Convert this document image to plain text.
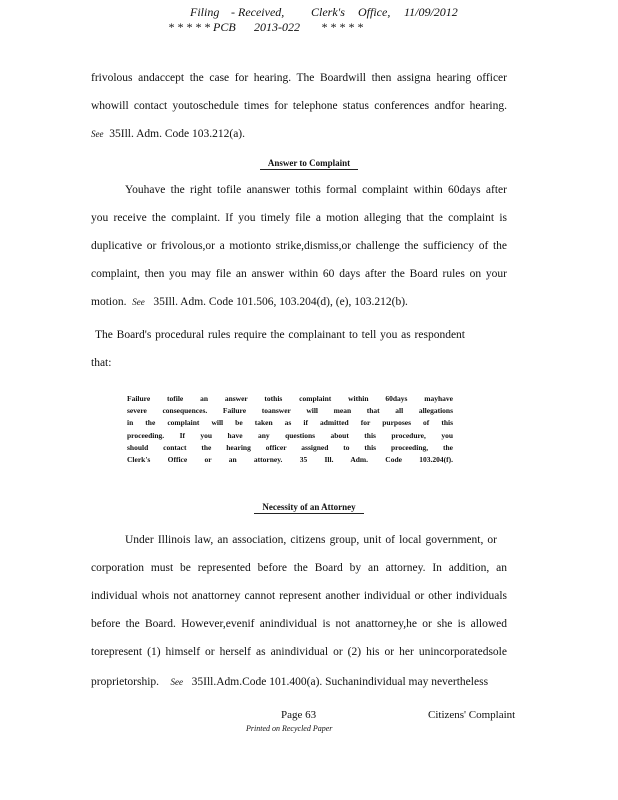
Filing - Received, Clerk's Office, 11/09/2012
* * * * * PCB 2013-022 * * * * *
frivolous andaccept the case for hearing. The Boardwill then assigna hearing officer
whowill contact youtoschedule times for telephone status conferences andfor hearing.
See 35Ill. Adm. Code 103.212(a).
Answer to Complaint
Youhave the right tofile ananswer tothis formal complaint within 60days after
you receive the complaint. If you timely file a motion alleging that the complaint is
duplicative or frivolous,or a motionto strike,dismiss,or challenge the sufficiency of the
complaint, then you may file an answer within 60 days after the Board rules on your
motion. See 35Ill. Adm. Code 101.506, 103.204(d), (e), 103.212(b).
The Board's procedural rules require the complainant to tell you as respondent
that:
Failure tofile an answer tothis complaint within 60days mayhave
severe consequences. Failure toanswer will mean that all allegations
in the complaint will be taken as if admitted for purposes of this
proceeding. If you have any questions about this procedure, you
should contact the hearing officer assigned to this proceeding, the
Clerk's Office or an attorney. 35 Ill. Adm. Code 103.204(f).
Necessity of an Attorney
Under Illinois law, an association, citizens group, unit of local government, or
corporation must be represented before the Board by an attorney. In addition, an
individual whois not anattorney cannot represent another individual or other individuals
before the Board. However,evenif anindividual is not anattorney,he or she is allowed
torepresent (1) himself or herself as anindividual or (2) his or her unincorporatedsole
proprietorship. See 35Ill.Adm.Code 101.400(a). Suchanindividual may nevertheless
Page 63	Citizens' Complaint
Printed on Recycled Paper
